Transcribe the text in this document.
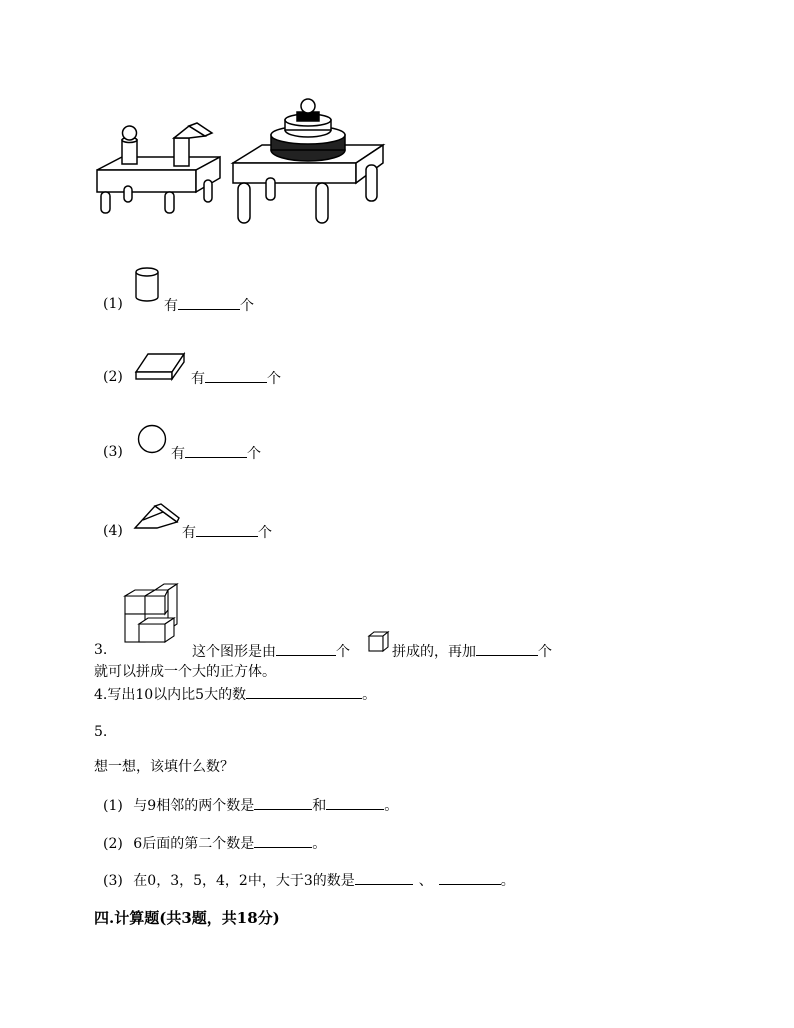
(1)	有	个
(2)	有	个
(3)	有	个
(4)	有	个
3.	这个图形是由	个	拼成的，再加	个
就可以拼成一个大的正方体。
4.写出10以内比5大的数	。
5.
想一想，该填什么数？
(1) 与9相邻的两个数是	和	。
(2) 6后面的第二个数是	。
(3) 在0，3，5，4，2中，大于3的数是	、	。
四.计算题(共3题，共18分)
